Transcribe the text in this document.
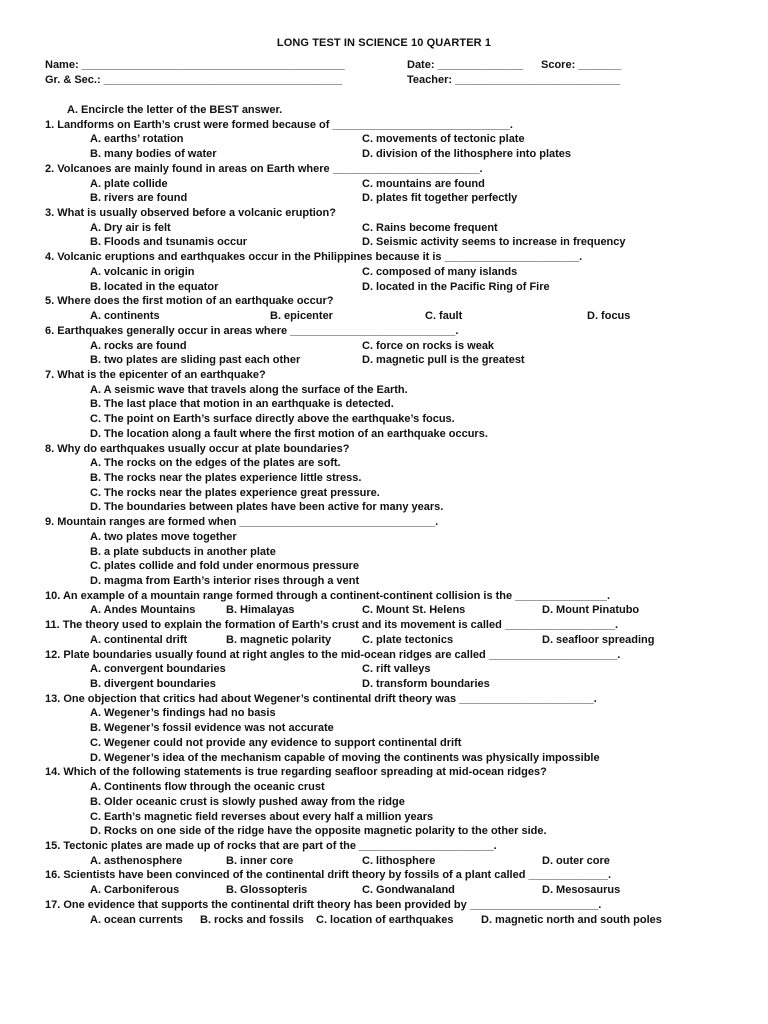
LONG TEST IN SCIENCE 10 QUARTER 1
Name: ___________________________________________	Date: ______________ Score: _______
Gr. & Sec.: _______________________________________	Teacher: ___________________________
A. Encircle the letter of the BEST answer.
1. Landforms on Earth’s crust were formed because of _____________________________.
A. earths’ rotation	C. movements of tectonic plate
B. many bodies of water	D. division of the lithosphere into plates
2. Volcanoes are mainly found in areas on Earth where ________________________.
A. plate collide	C. mountains are found
B. rivers are found	D. plates fit together perfectly
3. What is usually observed before a volcanic eruption?
A. Dry air is felt	C. Rains become frequent
B. Floods and tsunamis occur	D. Seismic activity seems to increase in frequency
4. Volcanic eruptions and earthquakes occur in the Philippines because it is ______________________.
A. volcanic in origin	C. composed of many islands
B. located in the equator	D. located in the Pacific Ring of Fire
5. Where does the first motion of an earthquake occur?
A. continents	B. epicenter	C. fault	D. focus
6. Earthquakes generally occur in areas where ___________________________.
A. rocks are found	C. force on rocks is weak
B. two plates are sliding past each other	D. magnetic pull is the greatest
7. What is the epicenter of an earthquake?
A. A seismic wave that travels along the surface of the Earth.
B. The last place that motion in an earthquake is detected.
C. The point on Earth’s surface directly above the earthquake’s focus.
D. The location along a fault where the first motion of an earthquake occurs.
8. Why do earthquakes usually occur at plate boundaries?
A. The rocks on the edges of the plates are soft.
B. The rocks near the plates experience little stress.
C. The rocks near the plates experience great pressure.
D. The boundaries between plates have been active for many years.
9. Mountain ranges are formed when ________________________________.
A. two plates move together
B. a plate subducts in another plate
C. plates collide and fold under enormous pressure
D. magma from Earth’s interior rises through a vent
10. An example of a mountain range formed through a continent-continent collision is the _______________.
A. Andes Mountains	B. Himalayas	C. Mount St. Helens	D. Mount Pinatubo
11. The theory used to explain the formation of Earth’s crust and its movement is called __________________.
A. continental drift	B. magnetic polarity	C. plate tectonics	D. seafloor spreading
12. Plate boundaries usually found at right angles to the mid-ocean ridges are called _____________________.
A. convergent boundaries	C. rift valleys
B. divergent boundaries	D. transform boundaries
13. One objection that critics had about Wegener’s continental drift theory was ______________________.
A. Wegener’s findings had no basis
B. Wegener’s fossil evidence was not accurate
C. Wegener could not provide any evidence to support continental drift
D. Wegener’s idea of the mechanism capable of moving the continents was physically impossible
14. Which of the following statements is true regarding seafloor spreading at mid-ocean ridges?
A. Continents flow through the oceanic crust
B. Older oceanic crust is slowly pushed away from the ridge
C. Earth’s magnetic field reverses about every half a million years
D. Rocks on one side of the ridge have the opposite magnetic polarity to the other side.
15. Tectonic plates are made up of rocks that are part of the ______________________.
A. asthenosphere	B. inner core	C. lithosphere	D. outer core
16. Scientists have been convinced of the continental drift theory by fossils of a plant called _____________.
A. Carboniferous	B. Glossopteris	C. Gondwanaland	D. Mesosaurus
17. One evidence that supports the continental drift theory has been provided by _____________________.
A. ocean currents B. rocks and fossils C. location of earthquakes D. magnetic north and south poles
